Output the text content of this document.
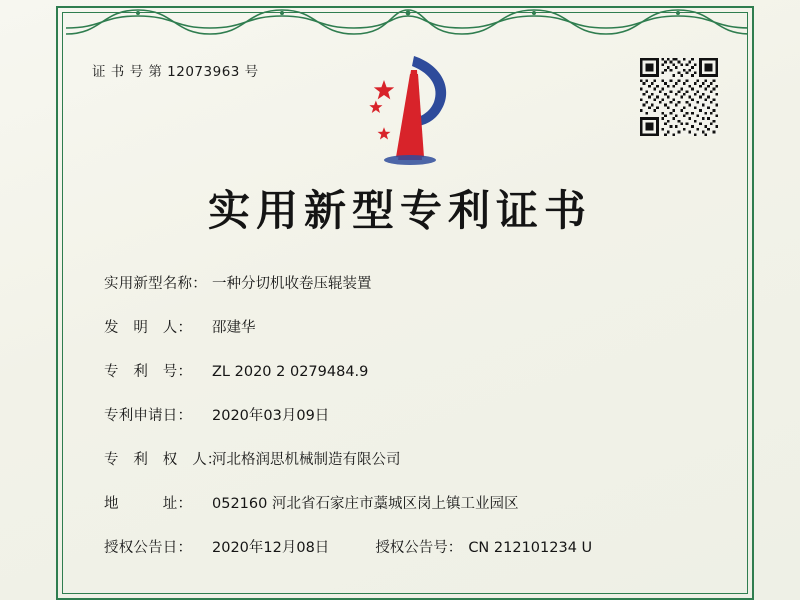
证 书 号 第 12073963 号
实用新型专利证书
实用新型名称： 一种分切机收卷压辊装置
发　明　人：	邵建华
专　利　号：	ZL 2020 2 0279484.9
专利申请日：	2020年03月09日
专　利　权　人：
河北格润思机械制造有限公司
地　　　址：	052160 河北省石家庄市藁城区岗上镇工业园区
授权公告日：	2020年12月08日	授权公告号： CN 212101234 U
